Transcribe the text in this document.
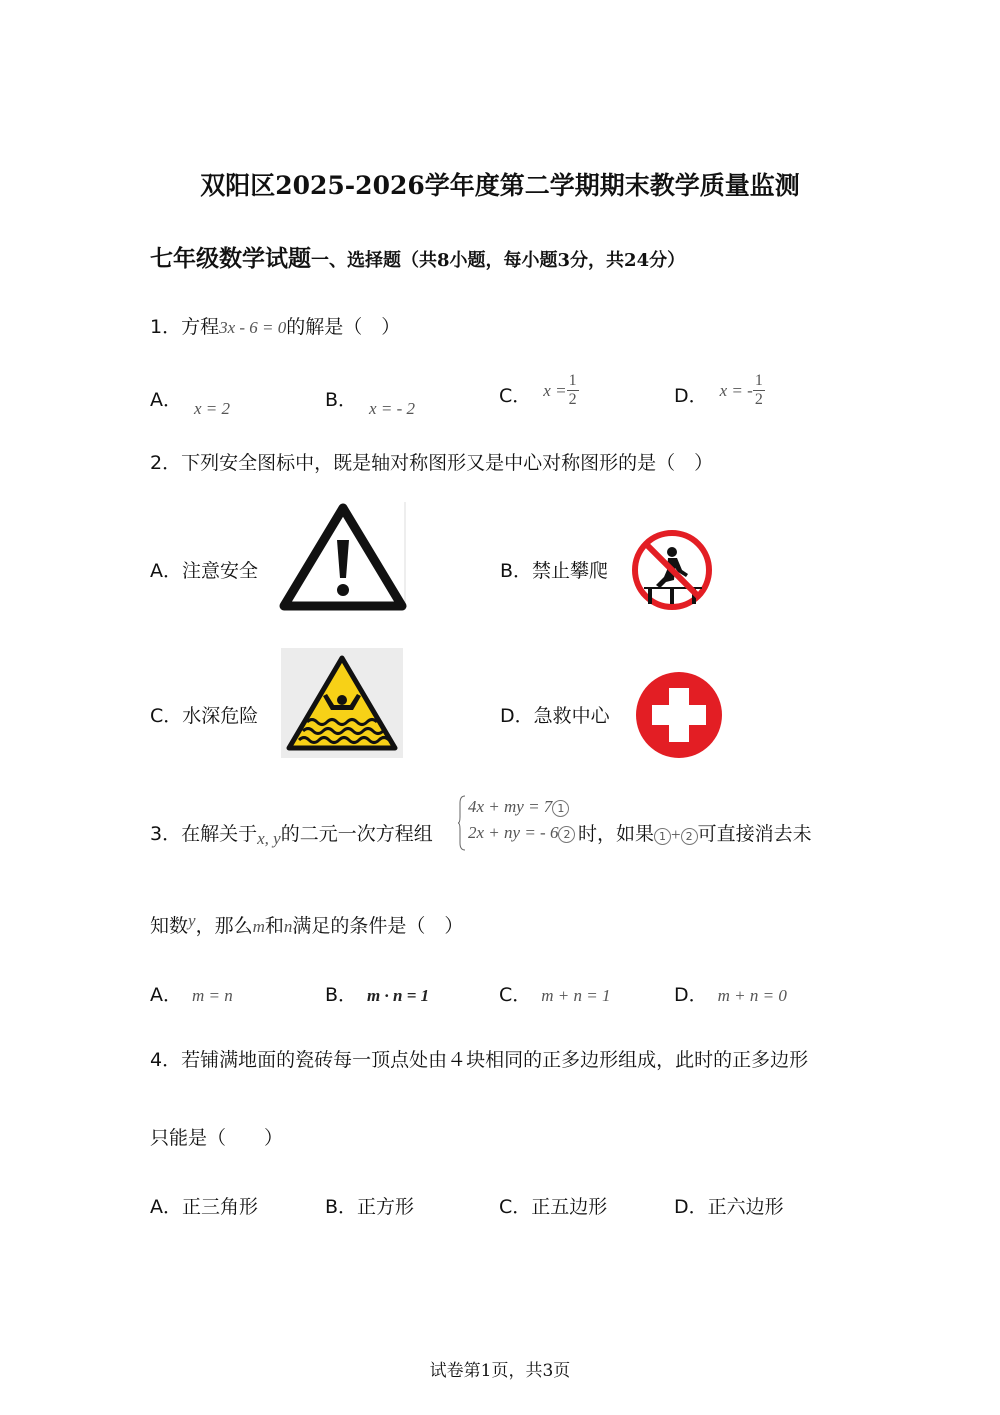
双阳区2025-2026学年度第二学期期末教学质量监测
七年级数学试题一、选择题（共8小题，每小题3分，共24分）
1．方程3x - 6 = 0的解是（　）
A． x = 2	B． x = - 2
C． $x = \frac{1}{2}$	D． x = - $\frac{1}{2}$
2．下列安全图标中，既是轴对称图形又是中心对称图形的是（　）
A．注意安全	B．禁止攀爬
C．水深危险	D．急救中心
4x + my = 7 1
2x + ny = - 6 2
3．在解关于x, y的二元一次方程组	时，如果 1 + 2 可直接消去未
知数y，那么m和n满足的条件是（　）
A． m = n	B． m · n = 1	C． m + n = 1	D． m + n = 0
4．若铺满地面的瓷砖每一顶点处由４块相同的正多边形组成，此时的正多边形
只能是（　　）
A．正三角形	B．正方形	C．正五边形	D．正六边形
试卷第1页，共3页
